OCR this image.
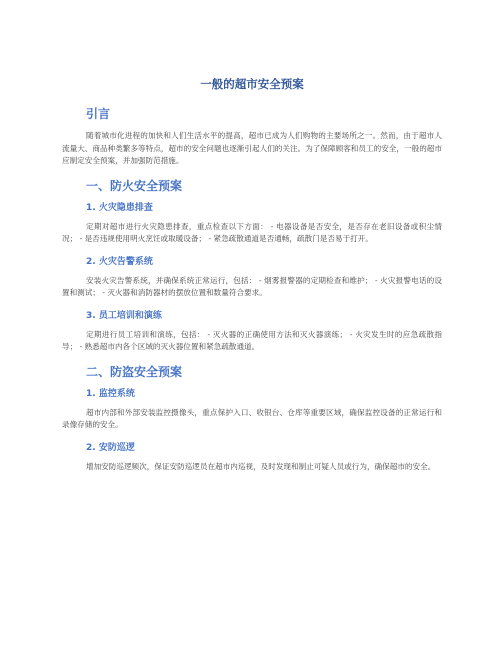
一般的超市安全预案
引言

随着城市化进程的加快和人们生活水平的提高，超市已成为人们购物的主要场所之一。然而，由于超市人流量大、商品种类繁多等特点，超市的安全问题也逐渐引起人们的关注。为了保障顾客和员工的安全，一般的超市应制定安全预案，并加强防范措施。

一、防火安全预案
1. 火灾隐患排查

定期对超市进行火灾隐患排查，重点检查以下方面： - 电器设备是否安全，是否存在老旧设备或积尘情况； - 是否违规使用明火烹饪或取暖设备； - 紧急疏散通道是否通畅，疏散门是否易于打开。

2. 火灾告警系统

安装火灾告警系统，并确保系统正常运行，包括： - 烟雾报警器的定期检查和维护； - 火灾报警电话的设置和测试； - 灭火器和消防器材的摆放位置和数量符合要求。

3. 员工培训和演练

定期进行员工培训和演练，包括： - 灭火器的正确使用方法和灭火器演练； - 火灾发生时的应急疏散指导； - 熟悉超市内各个区域的灭火器位置和紧急疏散通道。

二、防盗安全预案
1. 监控系统

超市内部和外部安装监控摄像头，重点保护入口、收银台、仓库等重要区域，确保监控设备的正常运行和录像存储的安全。

2. 安防巡逻

增加安防巡逻频次，保证安防巡逻员在超市内巡视，及时发现和制止可疑人员或行为，确保超市的安全。
